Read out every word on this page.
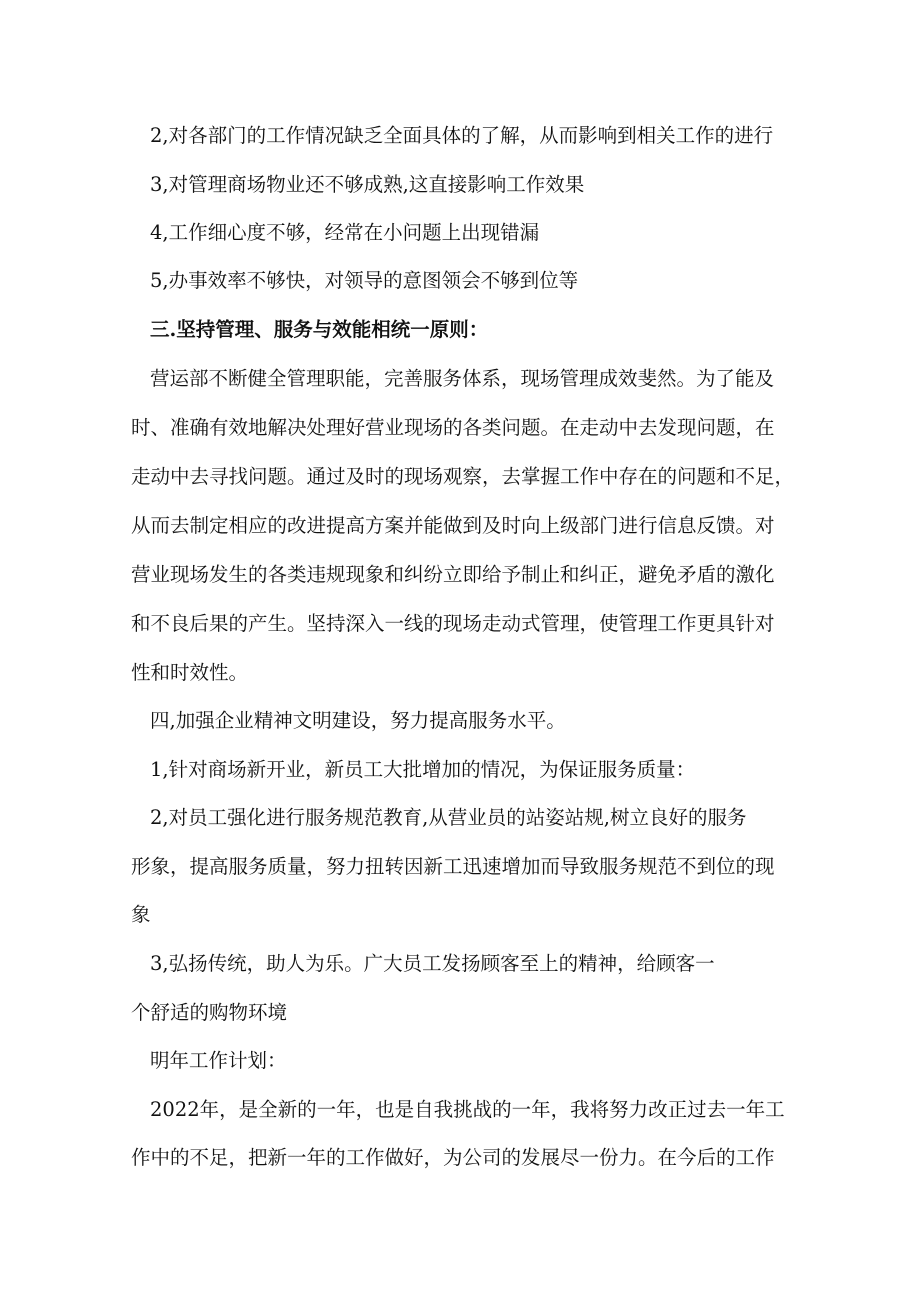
2,对各部门的工作情况缺乏全面具体的了解，从而影响到相关工作的进行
3,对管理商场物业还不够成熟,这直接影响工作效果
4,工作细心度不够，经常在小问题上出现错漏
5,办事效率不够快，对领导的意图领会不够到位等
三.坚持管理、服务与效能相统一原则：
营运部不断健全管理职能，完善服务体系，现场管理成效斐然。为了能及
时、准确有效地解决处理好营业现场的各类问题。在走动中去发现问题，在
走动中去寻找问题。通过及时的现场观察，去掌握工作中存在的问题和不足，
从而去制定相应的改进提高方案并能做到及时向上级部门进行信息反馈。对
营业现场发生的各类违规现象和纠纷立即给予制止和纠正，避免矛盾的激化
和不良后果的产生。坚持深入一线的现场走动式管理，使管理工作更具针对
性和时效性。
四,加强企业精神文明建设，努力提高服务水平。
1,针对商场新开业，新员工大批增加的情况，为保证服务质量：
2,对员工强化进行服务规范教育,从营业员的站姿站规,树立良好的服务
形象，提高服务质量，努力扭转因新工迅速增加而导致服务规范不到位的现
象
3,弘扬传统，助人为乐。广大员工发扬顾客至上的精神，给顾客一
个舒适的购物环境
明年工作计划：
2022年，是全新的一年，也是自我挑战的一年，我将努力改正过去一年工
作中的不足，把新一年的工作做好，为公司的发展尽一份力。在今后的工作
